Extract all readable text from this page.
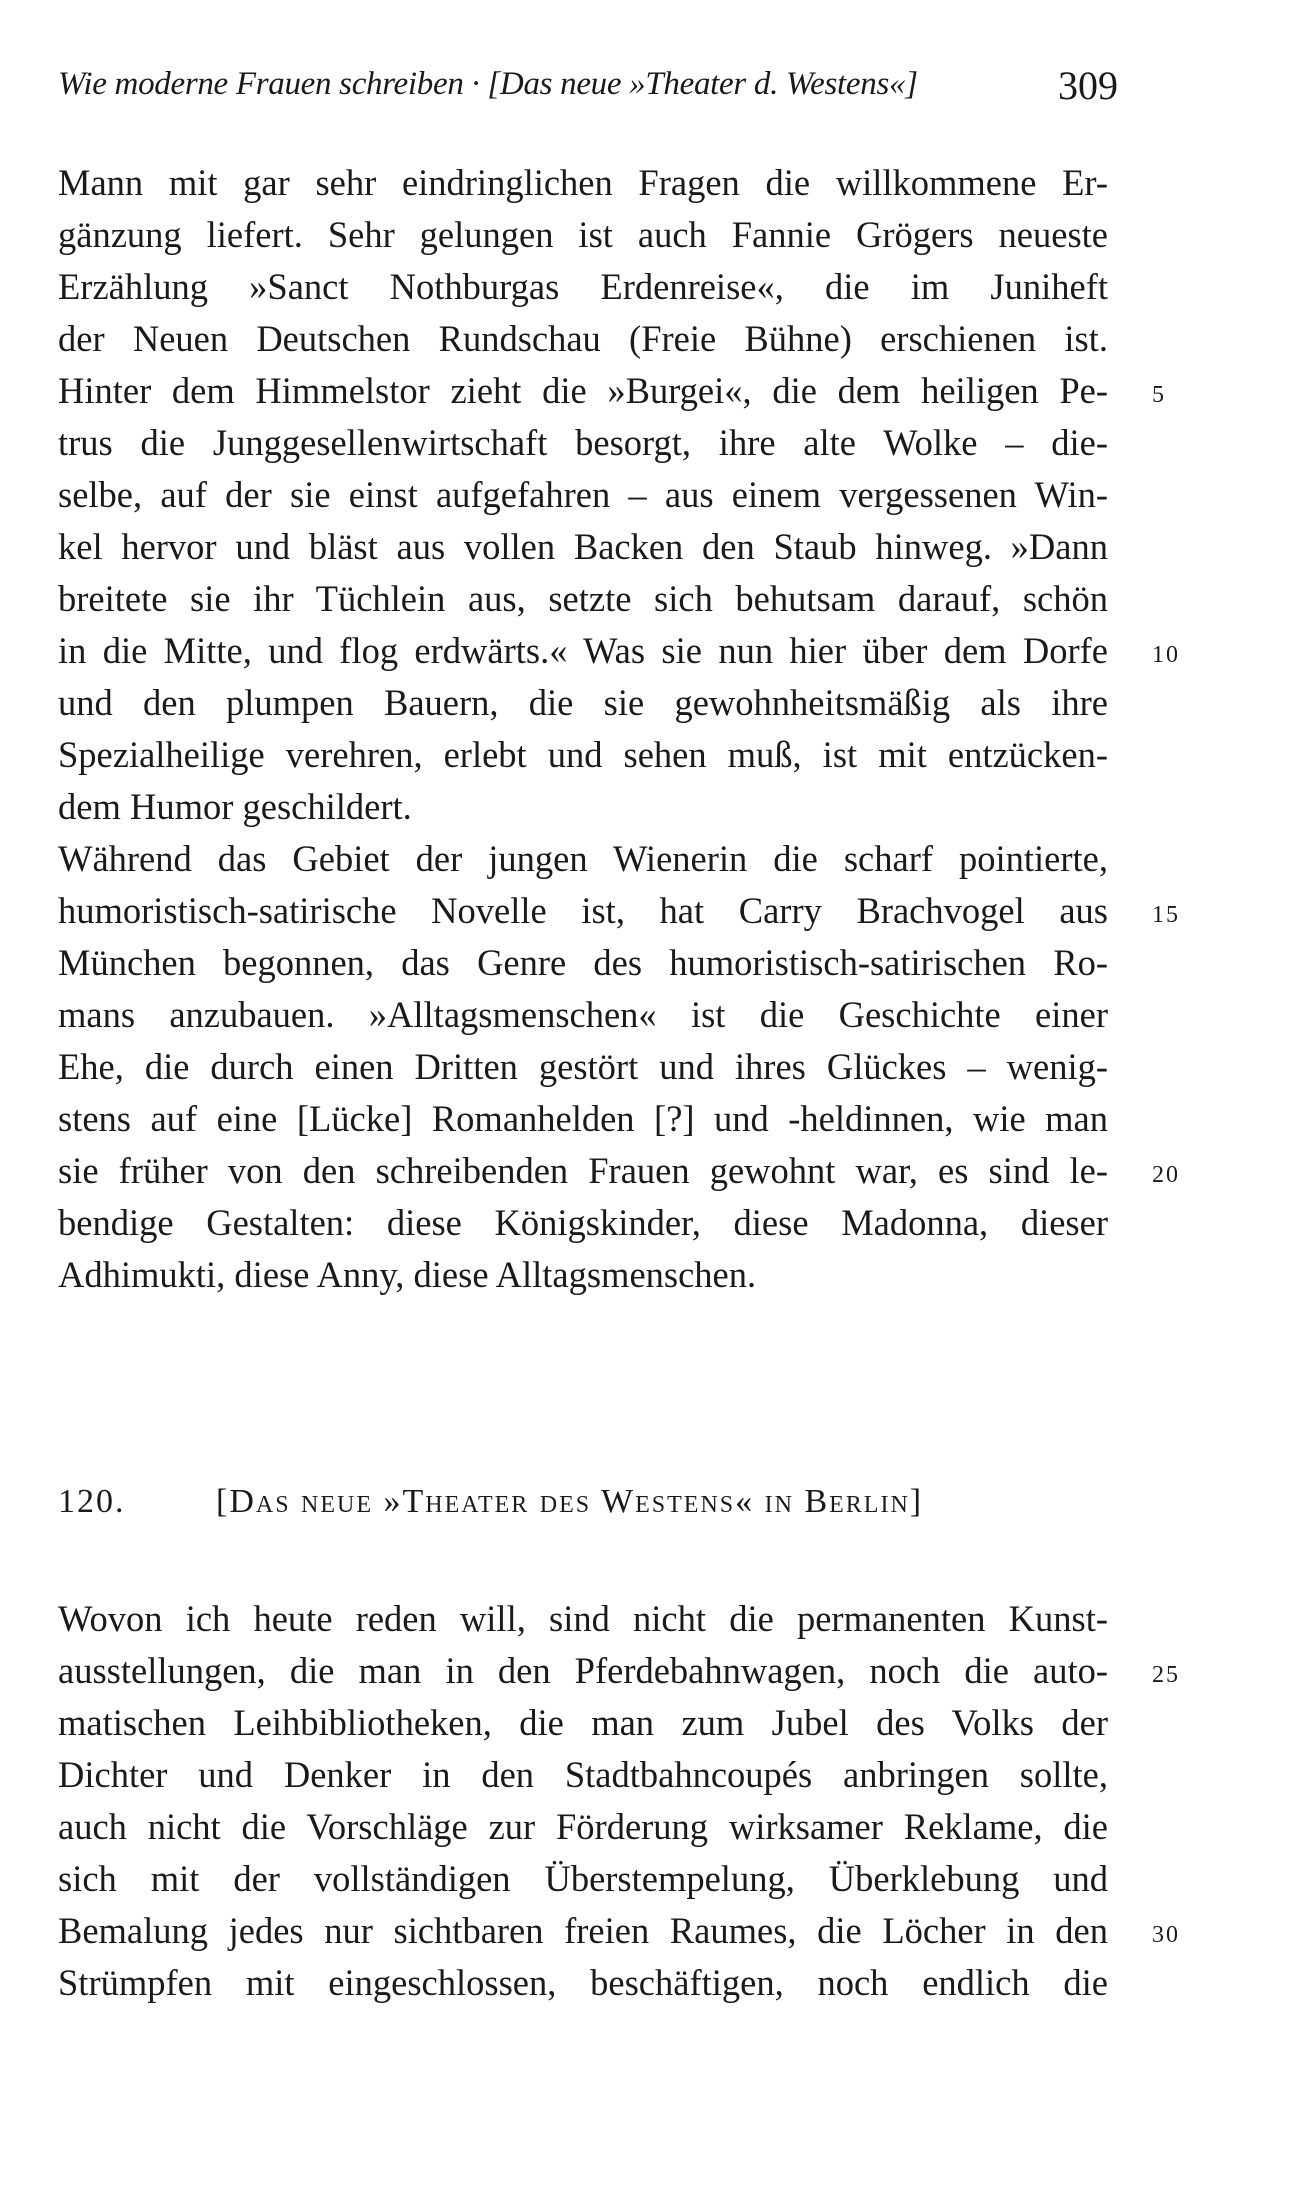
Wie moderne Frauen schreiben · [Das neue »Theater d. Westens«]	309
Mann mit gar sehr eindringlichen Fragen die willkommene Er-
gänzung liefert. Sehr gelungen ist auch Fannie Grögers neueste
Erzählung »Sanct Nothburgas Erdenreise«, die im Juniheft
der Neuen Deutschen Rundschau (Freie Bühne) erschienen ist.
Hinter dem Himmelstor zieht die »Burgei«, die dem heiligen Pe-
trus die Junggesellenwirtschaft besorgt, ihre alte Wolke – die-
selbe, auf der sie einst aufgefahren – aus einem vergessenen Win-
kel hervor und bläst aus vollen Backen den Staub hinweg. »Dann
breitete sie ihr Tüchlein aus, setzte sich behutsam darauf, schön
in die Mitte, und flog erdwärts.« Was sie nun hier über dem Dorfe
und den plumpen Bauern, die sie gewohnheitsmäßig als ihre
Spezialheilige verehren, erlebt und sehen muß, ist mit entzücken-
dem Humor geschildert.
Während das Gebiet der jungen Wienerin die scharf pointierte,
humoristisch-satirische Novelle ist, hat Carry Brachvogel aus
München begonnen, das Genre des humoristisch-satirischen Ro-
mans anzubauen. »Alltagsmenschen« ist die Geschichte einer
Ehe, die durch einen Dritten gestört und ihres Glückes – wenig-
stens auf eine [Lücke] Romanhelden [?] und -heldinnen, wie man
sie früher von den schreibenden Frauen gewohnt war, es sind le-
bendige Gestalten: diese Königskinder, diese Madonna, dieser
Adhimukti, diese Anny, diese Alltagsmenschen.
120.	[Das neue »Theater des Westens« in Berlin]
Wovon ich heute reden will, sind nicht die permanenten Kunst-
ausstellungen, die man in den Pferdebahnwagen, noch die auto-
matischen Leihbibliotheken, die man zum Jubel des Volks der
Dichter und Denker in den Stadtbahncoupés anbringen sollte,
auch nicht die Vorschläge zur Förderung wirksamer Reklame, die
sich mit der vollständigen Überstempelung, Überklebung und
Bemalung jedes nur sichtbaren freien Raumes, die Löcher in den
Strümpfen mit eingeschlossen, beschäftigen, noch endlich die
5
10
15
20
25
30
